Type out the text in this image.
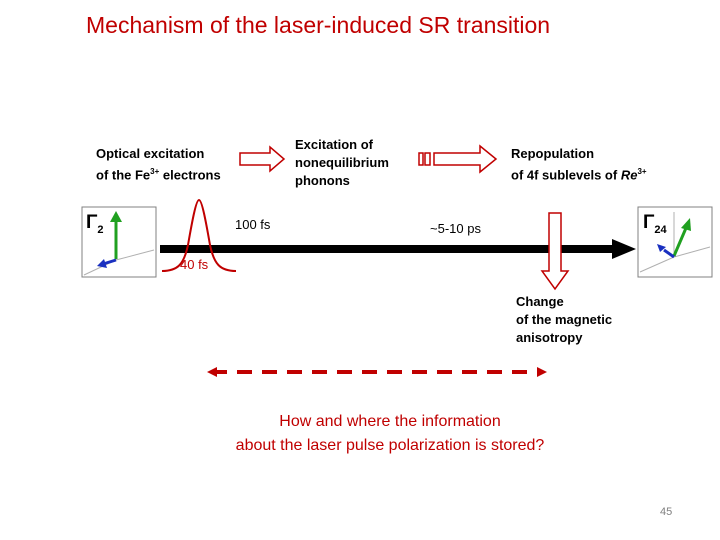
Mechanism of the laser-induced SR transition
Optical excitation
of the $Fe^{3+}$ electrons
Excitation of
nonequilibrium
phonons
Repopulation
of 4f sublevels of $Re^{3+}$
Change
of the magnetic
anisotropy
$\Gamma_2$	$\Gamma_{24}$
40 fs
100 fs	~5-10 ps
How and where the information
about the laser pulse polarization is stored?
45
